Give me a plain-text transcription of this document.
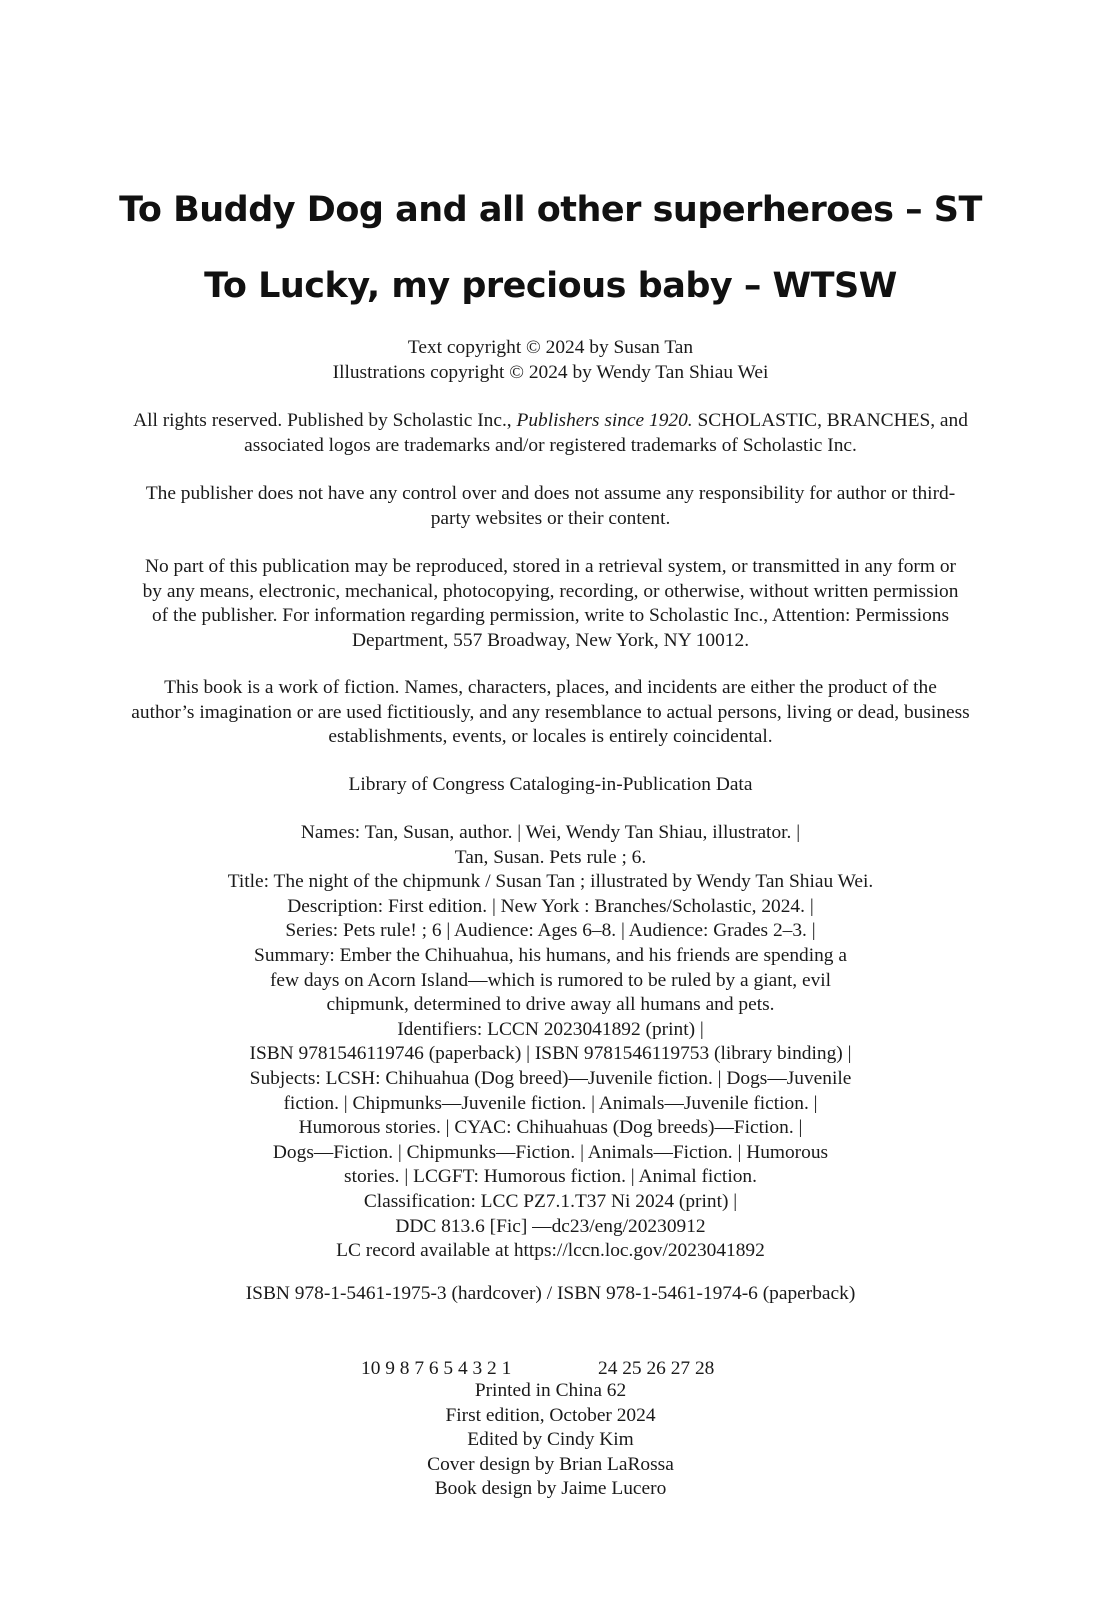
To Buddy Dog and all other superheroes – ST
To Lucky, my precious baby – WTSW
Text copyright © 2024 by Susan Tan
Illustrations copyright © 2024 by Wendy Tan Shiau Wei
All rights reserved. Published by Scholastic Inc., Publishers since 1920. SCHOLASTIC, BRANCHES, and
associated logos are trademarks and/or registered trademarks of Scholastic Inc.
The publisher does not have any control over and does not assume any responsibility for author or third-
party websites or their content.
No part of this publication may be reproduced, stored in a retrieval system, or transmitted in any form or
by any means, electronic, mechanical, photocopying, recording, or otherwise, without written permission
of the publisher. For information regarding permission, write to Scholastic Inc., Attention: Permissions
Department, 557 Broadway, New York, NY 10012.
This book is a work of fiction. Names, characters, places, and incidents are either the product of the
author’s imagination or are used fictitiously, and any resemblance to actual persons, living or dead, business
establishments, events, or locales is entirely coincidental.
Library of Congress Cataloging-in-Publication Data
Names: Tan, Susan, author. | Wei, Wendy Tan Shiau, illustrator. |
Tan, Susan. Pets rule ; 6.
Title: The night of the chipmunk / Susan Tan ; illustrated by Wendy Tan Shiau Wei.
Description: First edition. | New York : Branches/Scholastic, 2024. |
Series: Pets rule! ; 6 | Audience: Ages 6–8. | Audience: Grades 2–3. |
Summary: Ember the Chihuahua, his humans, and his friends are spending a
few days on Acorn Island—which is rumored to be ruled by a giant, evil
chipmunk, determined to drive away all humans and pets.
Identifiers: LCCN 2023041892 (print) |
ISBN 9781546119746 (paperback) | ISBN 9781546119753 (library binding) |
Subjects: LCSH: Chihuahua (Dog breed)—Juvenile fiction. | Dogs—Juvenile
fiction. | Chipmunks—Juvenile fiction. | Animals—Juvenile fiction. |
Humorous stories. | CYAC: Chihuahuas (Dog breeds)—Fiction. |
Dogs—Fiction. | Chipmunks—Fiction. | Animals—Fiction. | Humorous
stories. | LCGFT: Humorous fiction. | Animal fiction.
Classification: LCC PZ7.1.T37 Ni 2024 (print) |
DDC 813.6 [Fic] —dc23/eng/20230912
LC record available at https://lccn.loc.gov/2023041892
ISBN 978-1-5461-1975-3 (hardcover) / ISBN 978-1-5461-1974-6 (paperback)
10 9 8 7 6 5 4 3 2 1	24 25 26 27 28
Printed in China 62
First edition, October 2024
Edited by Cindy Kim
Cover design by Brian LaRossa
Book design by Jaime Lucero
